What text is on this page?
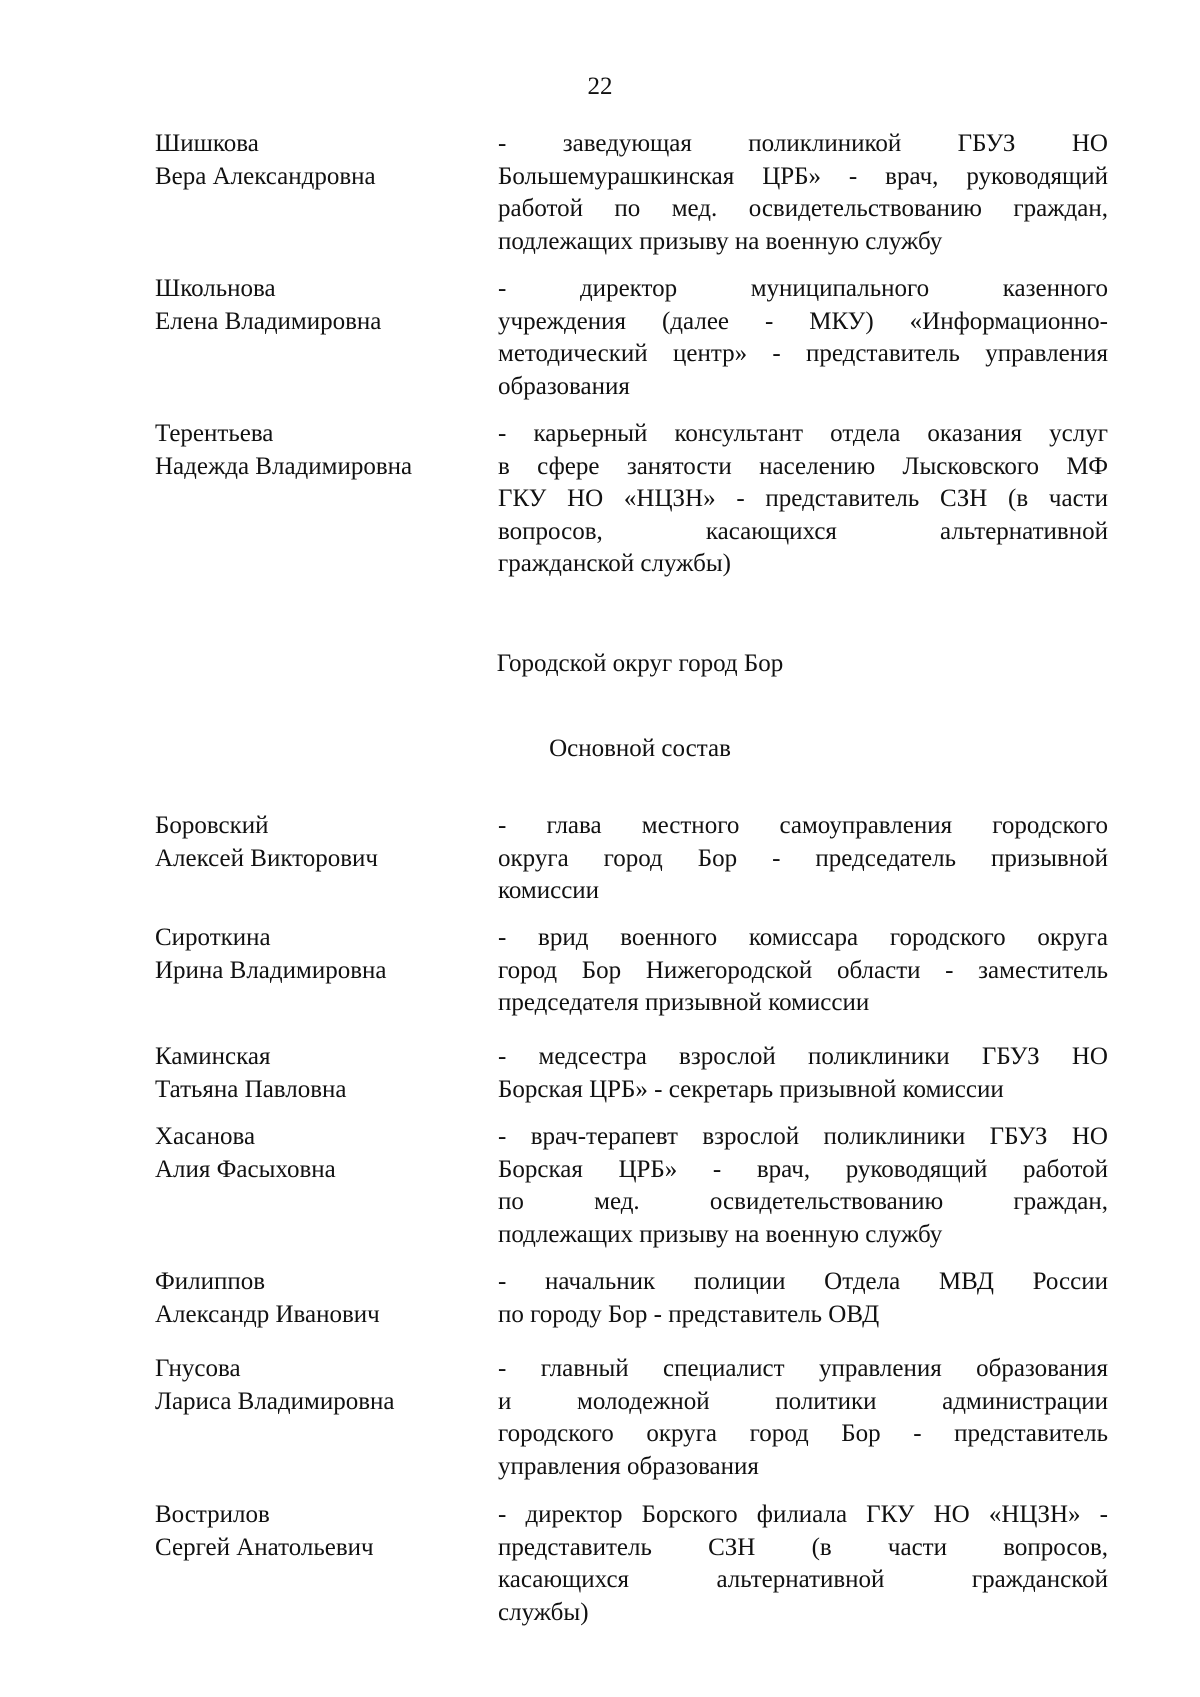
22
Шишкова
Вера Александровна
- заведующая поликлиникой ГБУЗ НО
Большемурашкинская ЦРБ» - врач, руководящий
работой по мед. освидетельствованию граждан,
подлежащих призыву на военную службу
Школьнова
Елена Владимировна
- директор муниципального казенного
учреждения (далее - МКУ) «Информационно-
методический центр» - представитель управления
образования
Терентьева
Надежда Владимировна
- карьерный консультант отдела оказания услуг
в сфере занятости населению Лысковского МФ
ГКУ НО «НЦЗН» - представитель СЗН (в части
вопросов, касающихся альтернативной
гражданской службы)
Городской округ город Бор
Основной состав
Боровский
Алексей Викторович
- глава местного самоуправления городского
округа город Бор - председатель призывной
комиссии
Сироткина
Ирина Владимировна
- врид военного комиссара городского округа
город Бор Нижегородской области - заместитель
председателя призывной комиссии
Каминская
Татьяна Павловна
- медсестра взрослой поликлиники ГБУЗ НО
Борская ЦРБ» - секретарь призывной комиссии
Хасанова
Алия Фасыховна
- врач-терапевт взрослой поликлиники ГБУЗ НО
Борская ЦРБ» - врач, руководящий работой
по мед. освидетельствованию граждан,
подлежащих призыву на военную службу
Филиппов
Александр Иванович
- начальник полиции Отдела МВД России
по городу Бор - представитель ОВД
Гнусова
Лариса Владимировна
- главный специалист управления образования
и молодежной политики администрации
городского округа город Бор - представитель
управления образования
Вострилов
Сергей Анатольевич
- директор Борского филиала ГКУ НО «НЦЗН» -
представитель СЗН (в части вопросов,
касающихся альтернативной гражданской
службы)
